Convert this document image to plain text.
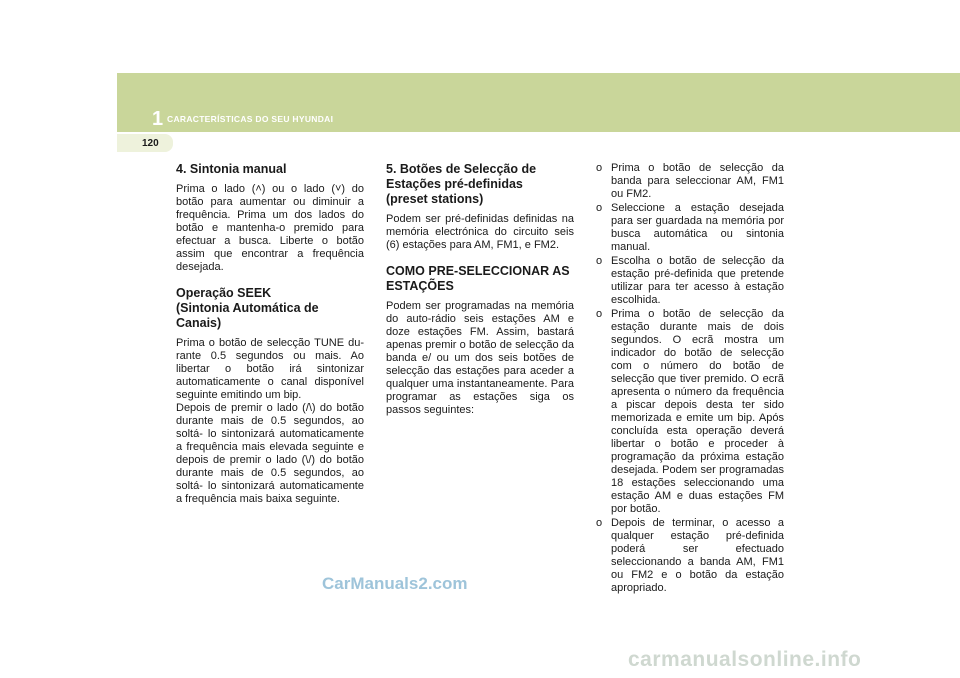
1 CARACTERÍSTICAS DO SEU HYUNDAI
120
4. Sintonia manual

Prima o lado (˄) ou o lado (˅) do botão para aumentar ou diminuir a frequência. Prima um dos lados do botão e mantenha-o premido para efectuar a busca. Liberte o botão assim que encontrar a frequência desejada.

Operação SEEK
(Sintonia Automática de Canais)

Prima o botão de selecção TUNE du- rante 0.5 segundos ou mais. Ao libertar o botão irá sintonizar automaticamente o canal disponível seguinte emitindo um bip.

Depois de premir o lado (/\) do botão durante mais de 0.5 segundos, ao soltá- lo sintonizará automaticamente a frequência mais elevada seguinte e depois de premir o lado (\/) do botão durante mais de 0.5 segundos, ao soltá- lo sintonizará automaticamente a frequência mais baixa seguinte.

5. Botões de Selecção de
Estações pré-definidas
(preset stations)

Podem ser pré-definidas definidas na memória electrónica do circuito seis (6) estações para AM, FM1, e FM2.

COMO PRE-SELECCIONAR AS ESTAÇÕES

Podem ser programadas na memória do auto-rádio seis estações AM e doze estações FM. Assim, bastará apenas premir o botão de selecção da banda e/ ou um dos seis botões de selecção das estações para aceder a qualquer uma instantaneamente. Para programar as estações siga os passos seguintes:

o Prima o botão de selecção da banda para seleccionar AM, FM1 ou FM2.
o Seleccione a estação desejada para ser guardada na memória por busca automática ou sintonia manual.
o Escolha o botão de selecção da estação pré-definida que pretende utilizar para ter acesso à estação escolhida.
o Prima o botão de selecção da estação durante mais de dois segundos. O ecrã mostra um indicador do botão de selecção com o número do botão de selecção que tiver premido. O ecrã apresenta o número da frequência a piscar depois desta ter sido memorizada e emite um bip. Após concluída esta operação deverá libertar o botão e proceder à programação da próxima estação desejada. Podem ser programadas 18 estações seleccionando uma estação AM e duas estações FM por botão.
o Depois de terminar, o acesso a qualquer estação pré-definida poderá ser efectuado seleccionando a banda AM, FM1 ou FM2 e o botão da estação apropriado.
CarManuals2.com
carmanualsonline.info
